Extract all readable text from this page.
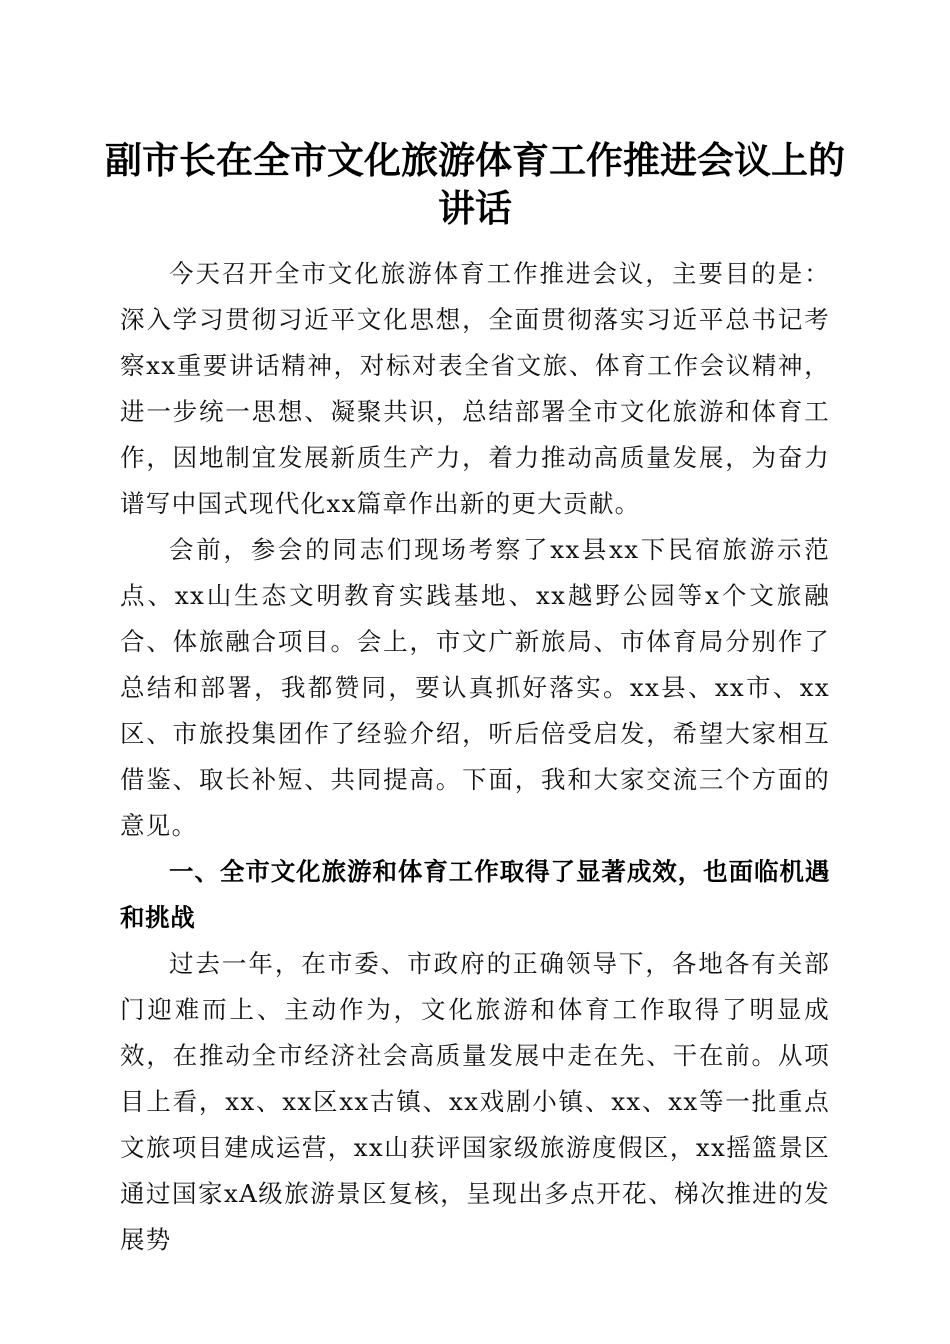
副市长在全市文化旅游体育工作推进会议上的
讲话

今天召开全市文化旅游体育工作推进会议，主要目的是：深入学习贯彻习近平文化思想，全面贯彻落实习近平总书记考察xx重要讲话精神，对标对表全省文旅、体育工作会议精神，进一步统一思想、凝聚共识，总结部署全市文化旅游和体育工作，因地制宜发展新质生产力，着力推动高质量发展，为奋力谱写中国式现代化xx篇章作出新的更大贡献。

会前，参会的同志们现场考察了xx县xx下民宿旅游示范点、xx山生态文明教育实践基地、xx越野公园等x个文旅融合、体旅融合项目。会上，市文广新旅局、市体育局分别作了总结和部署，我都赞同，要认真抓好落实。xx县、xx市、xx区、市旅投集团作了经验介绍，听后倍受启发，希望大家相互借鉴、取长补短、共同提高。下面，我和大家交流三个方面的意见。

一、全市文化旅游和体育工作取得了显著成效，也面临机遇和挑战

过去一年，在市委、市政府的正确领导下，各地各有关部门迎难而上、主动作为，文化旅游和体育工作取得了明显成效，在推动全市经济社会高质量发展中走在先、干在前。从项目上看，xx、xx区xx古镇、xx戏剧小镇、xx、xx等一批重点文旅项目建成运营，xx山获评国家级旅游度假区，xx摇篮景区通过国家xA级旅游景区复核，呈现出多点开花、梯次推进的发展势
